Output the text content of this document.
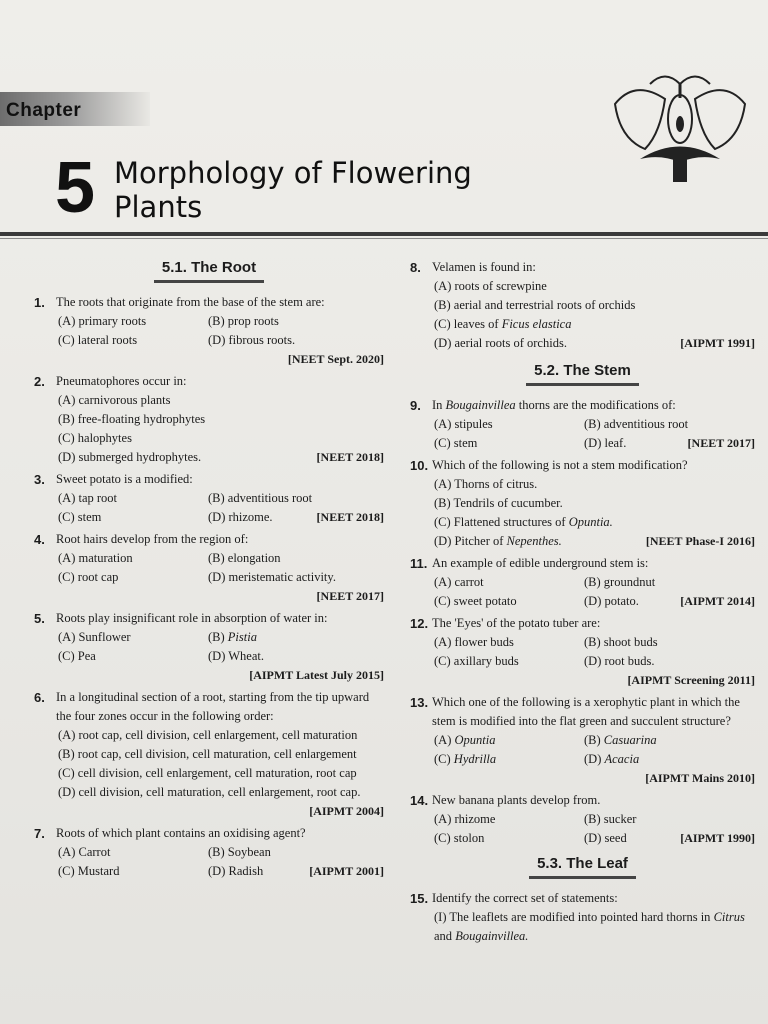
Chapter
5 Morphology of Flowering
Plants
5.1. The Root
1. The roots that originate from the base of the stem are:
(A) primary roots	(B) prop roots
(C) lateral roots	(D) fibrous roots.
[NEET Sept. 2020]
2. Pneumatophores occur in:
(A) carnivorous plants
(B) free-floating hydrophytes
(C) halophytes
(D) submerged hydrophytes.	[NEET 2018]
3. Sweet potato is a modified:
(A) tap root	(B) adventitious root
(C) stem	(D) rhizome.	[NEET 2018]
4. Root hairs develop from the region of:
(A) maturation	(B) elongation
(C) root cap	(D) meristematic activity.
[NEET 2017]
5. Roots play insignificant role in absorption of water in:
(A) Sunflower	(B) Pistia
(C) Pea	(D) Wheat.
[AIPMT Latest July 2015]
6. In a longitudinal section of a root, starting from the tip upward the four zones occur in the following order:
(A) root cap, cell division, cell enlargement, cell maturation
(B) root cap, cell division, cell maturation, cell enlargement
(C) cell division, cell enlargement, cell maturation, root cap
(D) cell division, cell maturation, cell enlargement, root cap.
[AIPMT 2004]
7. Roots of which plant contains an oxidising agent?
(A) Carrot	(B) Soybean
(C) Mustard	(D) Radish	[AIPMT 2001]
8. Velamen is found in:
(A) roots of screwpine
(B) aerial and terrestrial roots of orchids
(C) leaves of Ficus elastica
(D) aerial roots of orchids.	[AIPMT 1991]
5.2. The Stem
9. In Bougainvillea thorns are the modifications of:
(A) stipules	(B) adventitious root
(C) stem	(D) leaf.	[NEET 2017]
10. Which of the following is not a stem modification?
(A) Thorns of citrus.
(B) Tendrils of cucumber.
(C) Flattened structures of Opuntia.
(D) Pitcher of Nepenthes.	[NEET Phase-I 2016]
11. An example of edible underground stem is:
(A) carrot	(B) groundnut
(C) sweet potato	(D) potato.	[AIPMT 2014]
12. The 'Eyes' of the potato tuber are:
(A) flower buds	(B) shoot buds
(C) axillary buds	(D) root buds.
[AIPMT Screening 2011]
13. Which one of the following is a xerophytic plant in which the stem is modified into the flat green and succulent structure?
(A) Opuntia	(B) Casuarina
(C) Hydrilla	(D) Acacia
[AIPMT Mains 2010]
14. New banana plants develop from.
(A) rhizome	(B) sucker
(C) stolon	(D) seed	[AIPMT 1990]
5.3. The Leaf
15. Identify the correct set of statements:
(I) The leaflets are modified into pointed hard thorns in Citrus and Bougainvillea.
